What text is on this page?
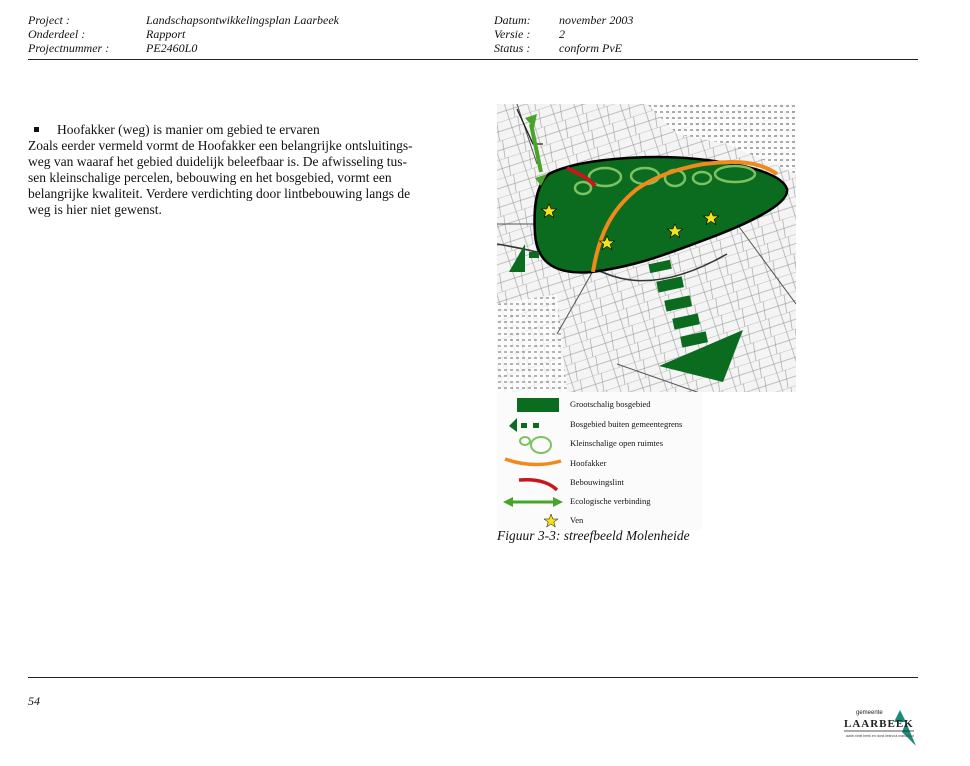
Project :	Landschapsontwikkelingsplan Laarbeek
Onderdeel :	Rapport
Projectnummer :	PE2460L0
Datum: november 2003
Versie : 2
Status : conform PvE
Hoofakker (weg) is manier om gebied te ervaren
Zoals eerder vermeld vormt de Hoofakker een belangrijke ontsluitings-
weg van waaraf het gebied duidelijk beleefbaar is. De afwisseling tus-
sen kleinschalige percelen, bebouwing en het bosgebied, vormt een
belangrijke kwaliteit. Verdere verdichting door lintbebouwing langs de
weg is hier niet gewenst.
Grootschalig bosgebied
Bosgebied buiten gemeentegrens
Kleinschalige open ruimtes
Hoofakker
Bebouwingslint
Ecologische verbinding
Ven
Figuur 3-3: streefbeeld Molenheide
54
gemeente
LAARBEEK
aarle-rixtel beek en donk lieshout mariahout
